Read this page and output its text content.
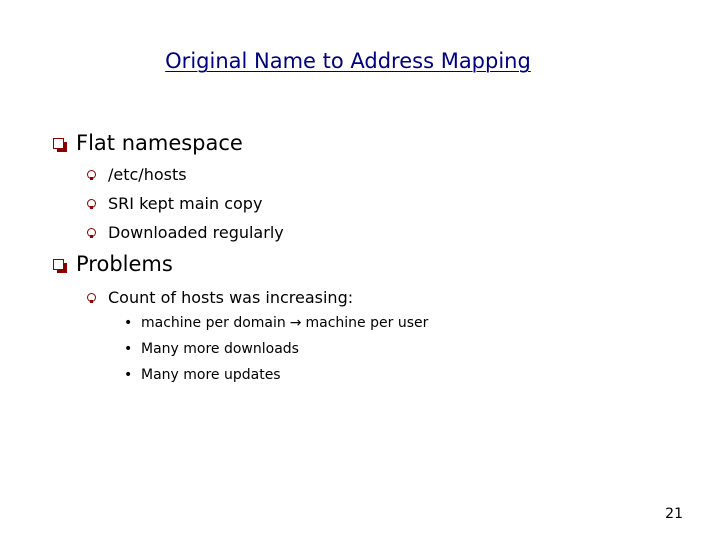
Original Name to Address Mapping
Flat namespace
/etc/hosts
SRI kept main copy
Downloaded regularly
Problems
Count of hosts was increasing:
• machine per domain → machine per user
• Many more downloads
• Many more updates
21
